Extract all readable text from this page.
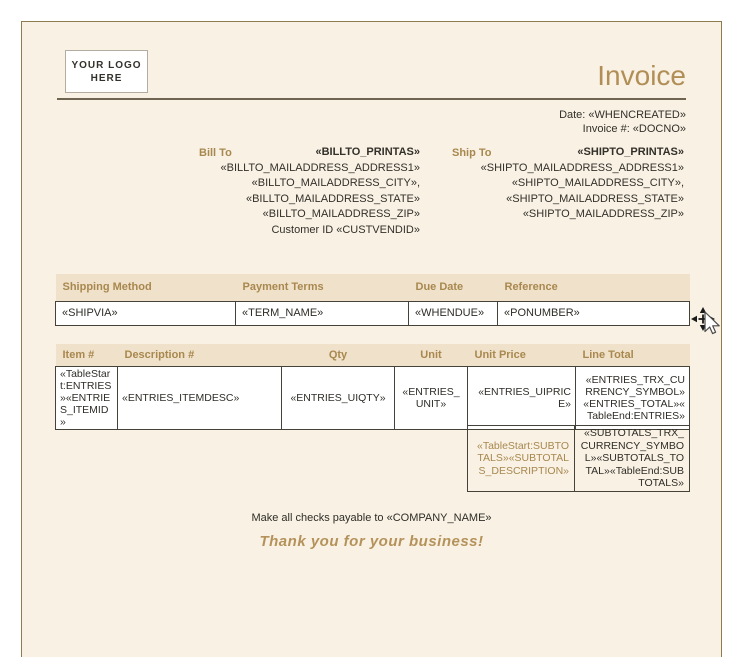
YOUR LOGO
HERE	Invoice
Date: «WHENCREATED»
Invoice #: «DOCNO»
Bill To	«BILLTO_PRINTAS»
«BILLTO_MAILADDRESS_ADDRESS1»
«BILLTO_MAILADDRESS_CITY»,
«BILLTO_MAILADDRESS_STATE»
«BILLTO_MAILADDRESS_ZIP»
Customer ID «CUSTVENDID»
Ship To	«SHIPTO_PRINTAS»
«SHIPTO_MAILADDRESS_ADDRESS1»
«SHIPTO_MAILADDRESS_CITY»,
«SHIPTO_MAILADDRESS_STATE»
«SHIPTO_MAILADDRESS_ZIP»
Shipping Method	Payment Terms	Due Date	Reference
«SHIPVIA»	«TERM_NAME»	«WHENDUE»	«PONUMBER»
Item #	Description #	Qty	Unit	Unit Price	Line Total
«TableStart:ENTRIES»«ENTRIES_ITEMID»	«ENTRIES_ITEMDESC»	«ENTRIES_UIQTY»	«ENTRIES_UNIT»	«ENTRIES_UIPRICE»	«ENTRIES_TRX_CURRENCY_SYMBOL»«ENTRIES_TOTAL»«TableEnd:ENTRIES»
«TableStart:SUBTOTALS»«SUBTOTALS_DESCRIPTION»	«SUBTOTALS_TRX_CURRENCY_SYMBOL»«SUBTOTALS_TOTAL»«TableEnd:SUBTOTALS»
Make all checks payable to «COMPANY_NAME»
Thank you for your business!
